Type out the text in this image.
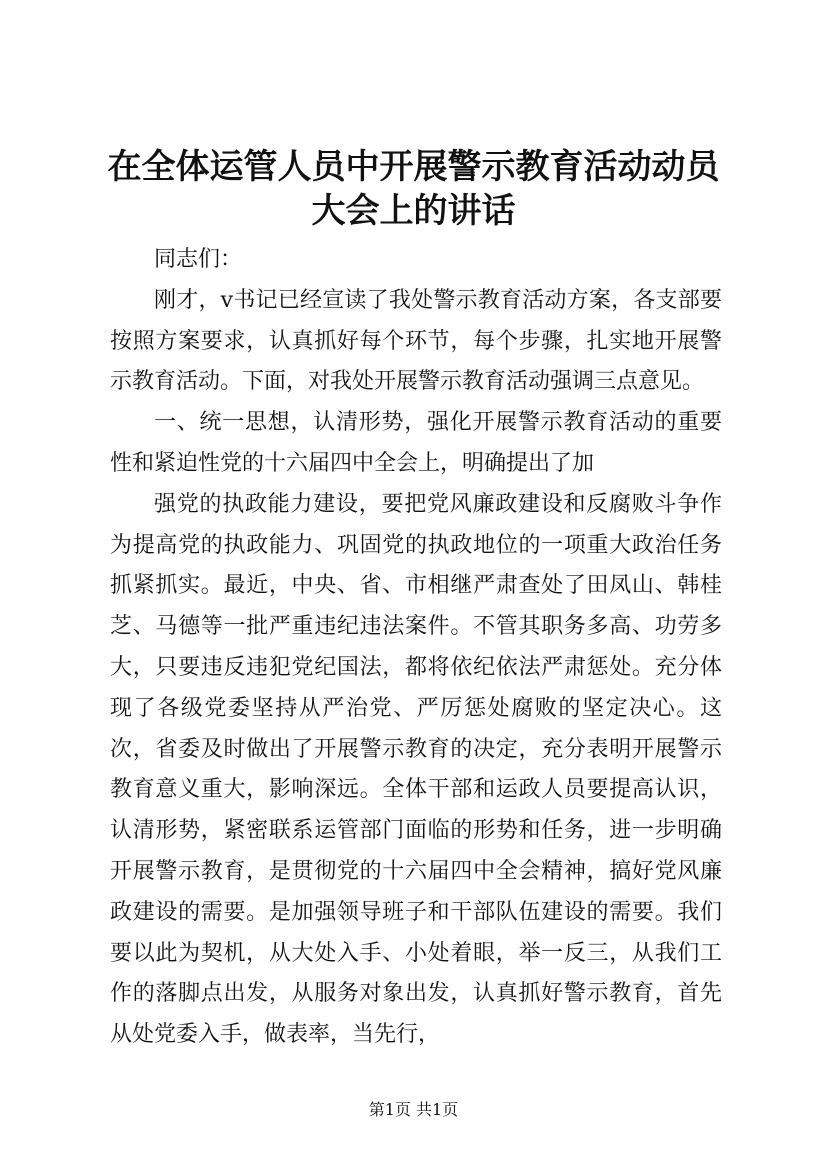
在全体运管人员中开展警示教育活动动员大会上的讲话

同志们：

刚才，v书记已经宣读了我处警示教育活动方案，各支部要按照方案要求，认真抓好每个环节，每个步骤，扎实地开展警示教育活动。下面，对我处开展警示教育活动强调三点意见。

一、统一思想，认清形势，强化开展警示教育活动的重要性和紧迫性党的十六届四中全会上，明确提出了加

强党的执政能力建设，要把党风廉政建设和反腐败斗争作为提高党的执政能力、巩固党的执政地位的一项重大政治任务抓紧抓实。最近，中央、省、市相继严肃查处了田凤山、韩桂芝、马德等一批严重违纪违法案件。不管其职务多高、功劳多大，只要违反违犯党纪国法，都将依纪依法严肃惩处。充分体现了各级党委坚持从严治党、严厉惩处腐败的坚定决心。这次，省委及时做出了开展警示教育的决定，充分表明开展警示教育意义重大，影响深远。全体干部和运政人员要提高认识，认清形势，紧密联系运管部门面临的形势和任务，进一步明确开展警示教育，是贯彻党的十六届四中全会精神，搞好党风廉政建设的需要。是加强领导班子和干部队伍建设的需要。我们要以此为契机，从大处入手、小处着眼，举一反三，从我们工作的落脚点出发，从服务对象出发，认真抓好警示教育，首先从处党委入手，做表率，当先行，

第1页 共1页
